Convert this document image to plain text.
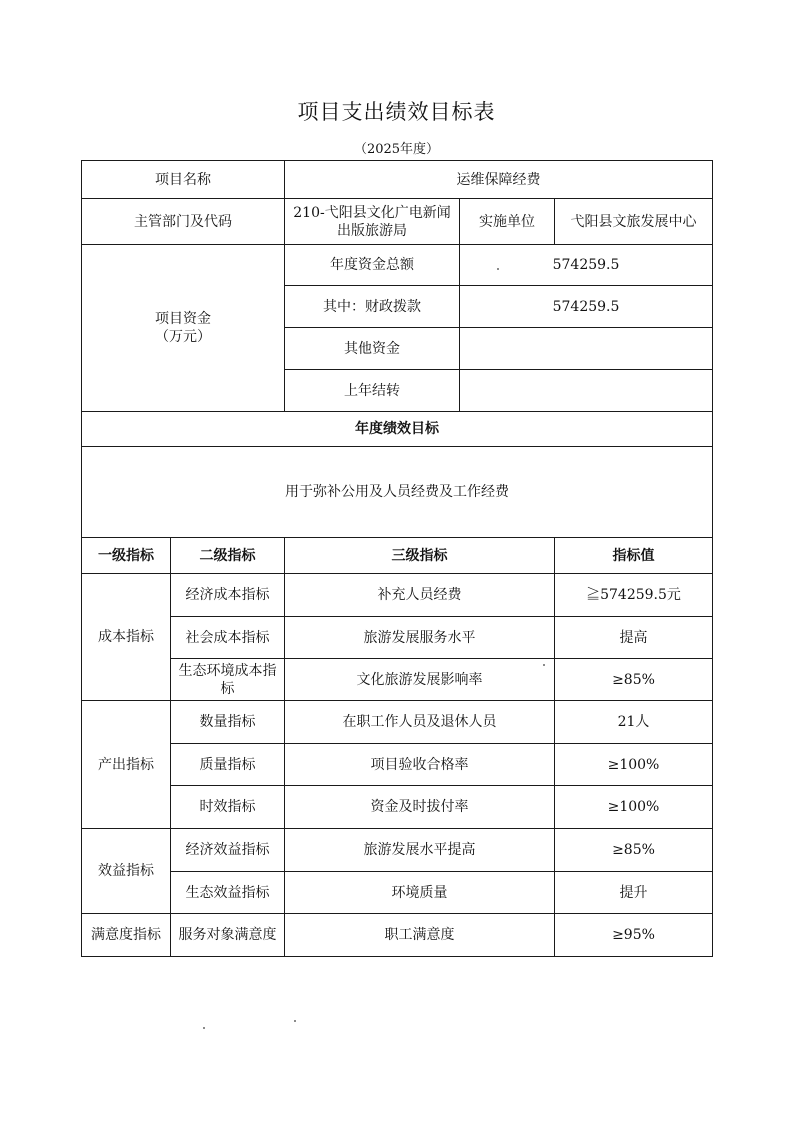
项目支出绩效目标表
（2025年度）
项目名称		运维保障经费		
主管部门及代码		210-弋阳县文化广电新闻出版旅游局	实施单位	弋阳县文旅发展中心

项目资金
（万元）		年度资金总额	574259.5	
		其中：财政拨款	574259.5	
		其他资金		
		上年结转		
年度绩效目标				
用于弥补公用及人员经费及工作经费				
一级指标	二级指标	三级指标		指标值
成本指标	经济成本指标	补充人员经费		≧574259.5元
	社会成本指标	旅游发展服务水平		提高
	生态环境成本指标	文化旅游发展影响率		≥85%
产出指标	数量指标	在职工作人员及退休人员		21人
	质量指标	项目验收合格率		≥100%
	时效指标	资金及时拔付率		≥100%
效益指标	经济效益指标	旅游发展水平提高		≥85%
	生态效益指标	环境质量		提升
满意度指标	服务对象满意度	职工满意度		≥95%
